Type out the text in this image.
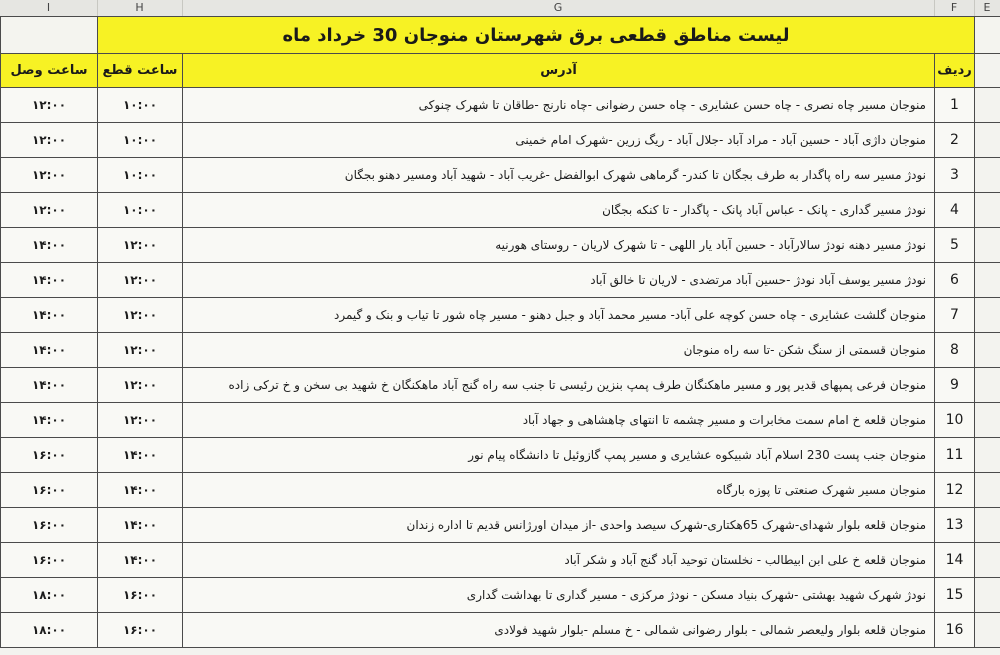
I	H	G	F	E
	لیست مناطق قطعی برق شهرستان منوجان 30 خرداد ماه			
ساعت وصل	ساعت قطع	آدرس	ردیف	
۱۲:۰۰	۱۰:۰۰	منوجان مسیر چاه نصری - چاه حسن عشایری - چاه حسن رضوانی -چاه نارنج -طاقان تا شهرک چنوکی	1	
۱۲:۰۰	۱۰:۰۰	منوجان داژی آباد - حسین آباد - مراد آباد -جلال آباد - ریگ زرین -شهرک امام خمینی	2	
۱۲:۰۰	۱۰:۰۰	نودژ مسیر سه راه پاگدار به طرف بجگان تا کندر- گرماهی شهرک ابوالفضل -غریب آباد - شهید آباد ومسیر دهنو بجگان	3	
۱۲:۰۰	۱۰:۰۰	نودژ مسیر گداری - پانک - عباس آباد پانک - پاگدار - تا کنکه بجگان	4	
۱۴:۰۰	۱۲:۰۰	نودژ مسیر دهنه نودژ سالارآباد - حسین آباد یار اللهی - تا شهرک لاریان - روستای هورنیه	5	
۱۴:۰۰	۱۲:۰۰	نودژ مسیر یوسف آباد نودژ -حسین آباد مرتضدی - لاریان تا خالق آباد	6	
۱۴:۰۰	۱۲:۰۰	منوجان گلشت عشایری - چاه حسن کوچه علی آباد- مسیر محمد آباد و جبل دهنو - مسیر چاه شور تا تیاب و بنک و گیمرد	7	
۱۴:۰۰	۱۲:۰۰	منوجان قسمتی از سنگ شکن -تا سه راه منوجان	8	
۱۴:۰۰	۱۲:۰۰	منوجان فرعی پمپهای قدیر پور و مسیر ماهکنگان طرف پمپ بنزین رئیسی تا جنب سه راه گنج آباد ماهکنگان خ شهید بی سخن و خ ترکی زاده	9	
۱۴:۰۰	۱۲:۰۰	منوجان قلعه خ امام سمت مخابرات و مسیر چشمه تا انتهای چاهشاهی و جهاد آباد	10	
۱۶:۰۰	۱۴:۰۰	منوجان جنب پست 230 اسلام آباد شبیکوه عشایری و مسیر پمپ گازوئیل تا دانشگاه پیام نور	11	
۱۶:۰۰	۱۴:۰۰	منوجان مسیر شهرک صنعتی تا پوزه بارگاه	12	
۱۶:۰۰	۱۴:۰۰	منوجان قلعه بلوار شهدای-شهرک 65هکتاری-شهرک سیصد واحدی -از میدان اورژانس قدیم تا اداره زندان	13	
۱۶:۰۰	۱۴:۰۰	منوجان قلعه خ علی ابن ابیطالب - نخلستان توحید آباد گنج آباد و شکر آباد	14	
۱۸:۰۰	۱۶:۰۰	نودژ شهرک شهید بهشتی -شهرک بنیاد مسکن - نودژ مرکزی - مسیر گداری تا بهداشت گداری	15	
۱۸:۰۰	۱۶:۰۰	منوجان قلعه بلوار ولیعصر شمالی - بلوار رضوانی شمالی - خ مسلم -بلوار شهید فولادی	16	
